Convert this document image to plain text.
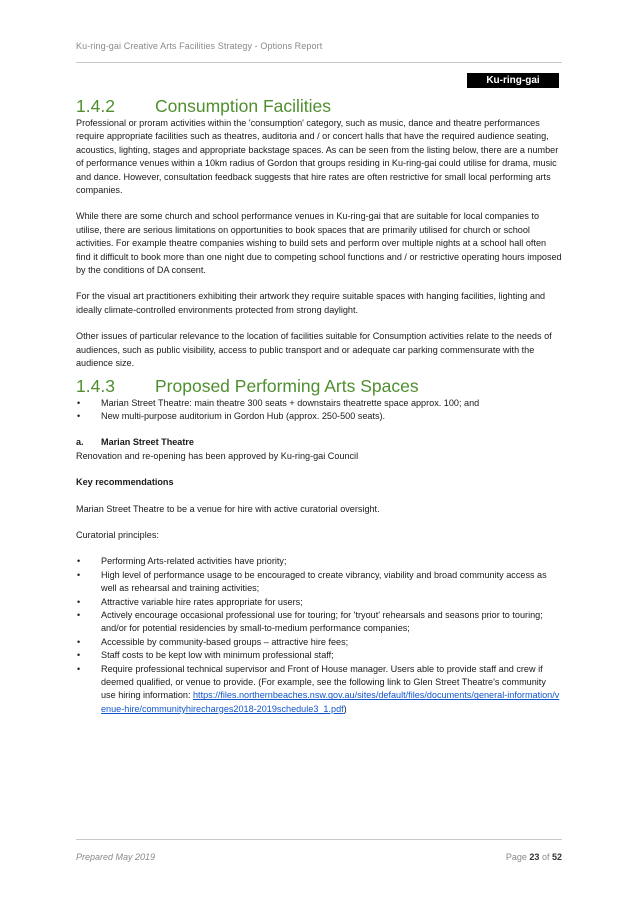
Ku-ring-gai Creative Arts Facilities Strategy - Options Report
Ku-ring-gai Council
1.4.2 Consumption Facilities

Professional or proram activities within the 'consumption' category, such as music, dance and theatre performances require appropriate facilities such as theatres, auditoria and / or concert halls that have the required audience seating, acoustics, lighting, stages and appropriate backstage spaces. As can be seen from the listing below, there are a number of performance venues within a 10km radius of Gordon that groups residing in Ku-ring-gai could utilise for drama, music and dance. However, consultation feedback suggests that hire rates are often restrictive for small local performing arts companies.

While there are some church and school performance venues in Ku-ring-gai that are suitable for local companies to utilise, there are serious limitations on opportunities to book spaces that are primarily utilised for church or school activities. For example theatre companies wishing to build sets and perform over multiple nights at a school hall often find it difficult to book more than one night due to competing school functions and / or restrictive operating hours imposed by the conditions of DA consent.

For the visual art practitioners exhibiting their artwork they require suitable spaces with hanging facilities, lighting and ideally climate-controlled environments protected from strong daylight.

Other issues of particular relevance to the location of facilities suitable for Consumption activities relate to the needs of audiences, such as public visibility, access to public transport and or adequate car parking commensurate with the audience size.

1.4.3 Proposed Performing Arts Spaces
• Marian Street Theatre: main theatre 300 seats + downstairs theatrette space approx. 100; and
• New multi-purpose auditorium in Gordon Hub (approx. 250-500 seats).

a. Marian Street Theatre

Renovation and re-opening has been approved by Ku-ring-gai Council

Key recommendations

Marian Street Theatre to be a venue for hire with active curatorial oversight.

Curatorial principles:

• Performing Arts-related activities have priority;
• High level of performance usage to be encouraged to create vibrancy, viability and broad community access as well as rehearsal and training activities;
• Attractive variable hire rates appropriate for users;
• Actively encourage occasional professional use for touring; for 'tryout' rehearsals and seasons prior to touring; and/or for potential residencies by small-to-medium performance companies;
• Accessible by community-based groups – attractive hire fees;
• Staff costs to be kept low with minimum professional staff;
• Require professional technical supervisor and Front of House manager. Users able to provide staff and crew if deemed qualified, or venue to provide. (For example, see the following link to Glen Street Theatre's community use hiring information: https://files.northernbeaches.nsw.gov.au/sites/default/files/documents/general-information/venue-hire/communityhirecharges2018-2019schedule3_1.pdf)
Prepared May 2019	Page 23 of 52
